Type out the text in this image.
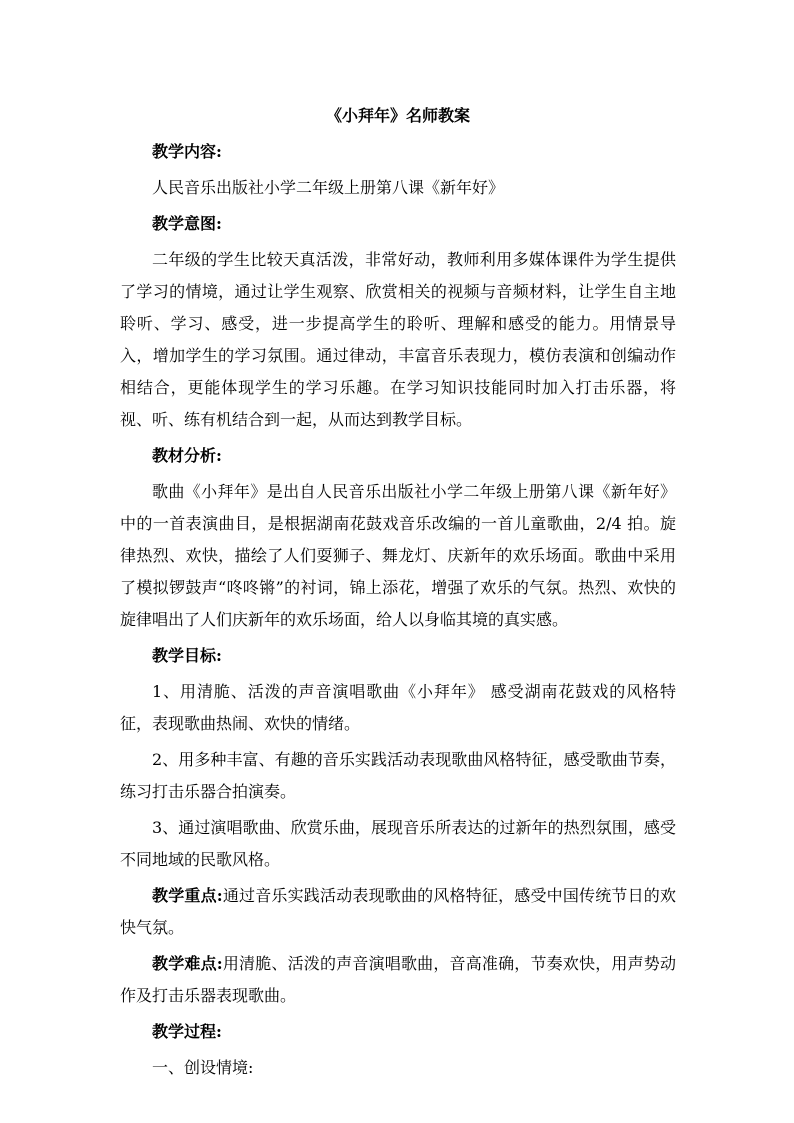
《小拜年》名师教案

教学内容:

人民音乐出版社小学二年级上册第八课《新年好》

教学意图:

二年级的学生比较天真活泼，非常好动，教师利用多媒体课件为学生提供了学习的情境，通过让学生观察、欣赏相关的视频与音频材料，让学生自主地聆听、学习、感受，进一步提高学生的聆听、理解和感受的能力。用情景导入，增加学生的学习氛围。通过律动，丰富音乐表现力，模仿表演和创编动作相结合，更能体现学生的学习乐趣。在学习知识技能同时加入打击乐器，将视、听、练有机结合到一起，从而达到教学目标。

教材分析:

歌曲《小拜年》是出自人民音乐出版社小学二年级上册第八课《新年好》中的一首表演曲目，是根据湖南花鼓戏音乐改编的一首儿童歌曲，2/4 拍。旋律热烈、欢快，描绘了人们耍狮子、舞龙灯、庆新年的欢乐场面。歌曲中采用了模拟锣鼓声“咚咚锵”的衬词，锦上添花，增强了欢乐的气氛。热烈、欢快的旋律唱出了人们庆新年的欢乐场面，给人以身临其境的真实感。

教学目标:

1、用清脆、活泼的声音演唱歌曲《小拜年》 感受湖南花鼓戏的风格特征，表现歌曲热闹、欢快的情绪。

2、用多种丰富、有趣的音乐实践活动表现歌曲风格特征，感受歌曲节奏，练习打击乐器合拍演奏。

3、通过演唱歌曲、欣赏乐曲，展现音乐所表达的过新年的热烈氛围，感受不同地域的民歌风格。

教学重点:通过音乐实践活动表现歌曲的风格特征，感受中国传统节日的欢快气氛。

教学难点:用清脆、活泼的声音演唱歌曲，音高准确，节奏欢快，用声势动作及打击乐器表现歌曲。

教学过程:

一、创设情境:
